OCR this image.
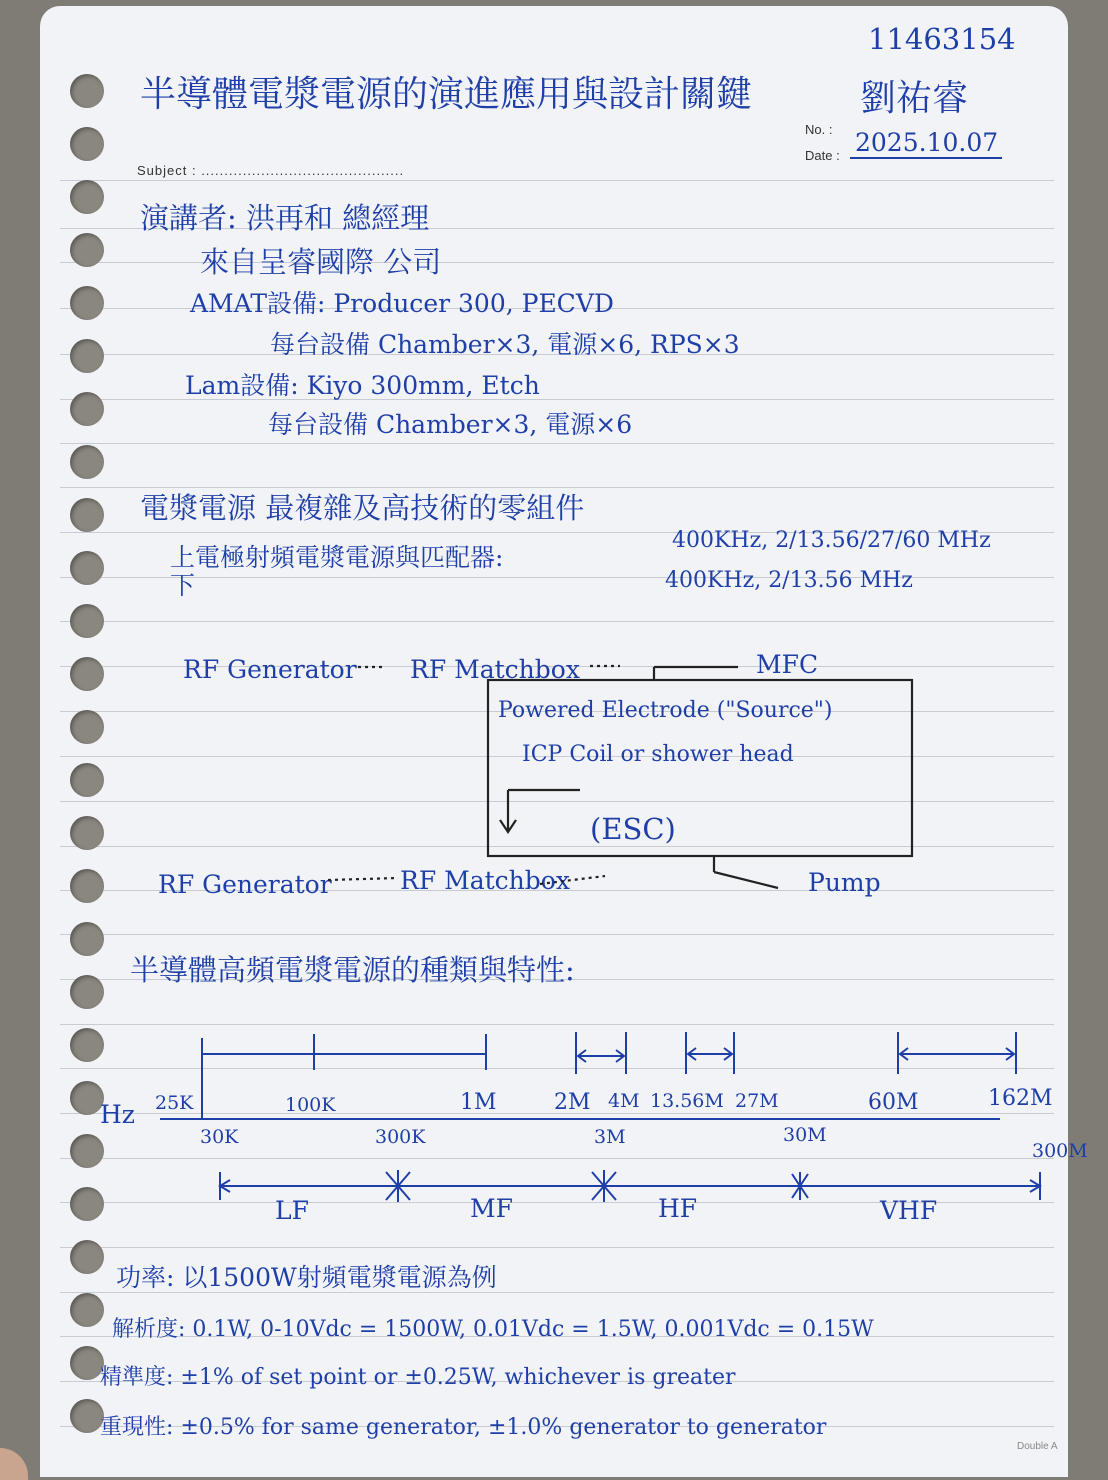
No. :
Date :
Subject : ............................................
Double A
半導體電漿電源的演進應用與設計關鍵
11463154
劉祐睿
2025.10.07
演講者: 洪再和 總經理
來自呈睿國際 公司
AMAT設備: Producer 300, PECVD
每台設備 Chamber×3, 電源×6, RPS×3
Lam設備: Kiyo 300mm, Etch
每台設備 Chamber×3, 電源×6
電漿電源 最複雜及高技術的零組件
上電極射頻電漿電源與匹配器:
400KHz, 2/13.56/27/60 MHz
下	400KHz, 2/13.56 MHz
RF Generator RF Matchbox	MFC
Powered Electrode ("Source")
ICP Coil or shower head
(ESC)
RF Generator	RF Matchbox	Pump
半導體高頻電漿電源的種類與特性:
Hz 25K	100K	1M	2M 4M 13.56M 27M	60M	162M
30K	300K	3M	30M
300M
LF	MF	HF	VHF
功率: 以1500W射頻電漿電源為例
解析度: 0.1W, 0-10Vdc = 1500W, 0.01Vdc = 1.5W, 0.001Vdc = 0.15W
精準度: ±1% of set point or ±0.25W, whichever is greater
重現性: ±0.5% for same generator, ±1.0% generator to generator
